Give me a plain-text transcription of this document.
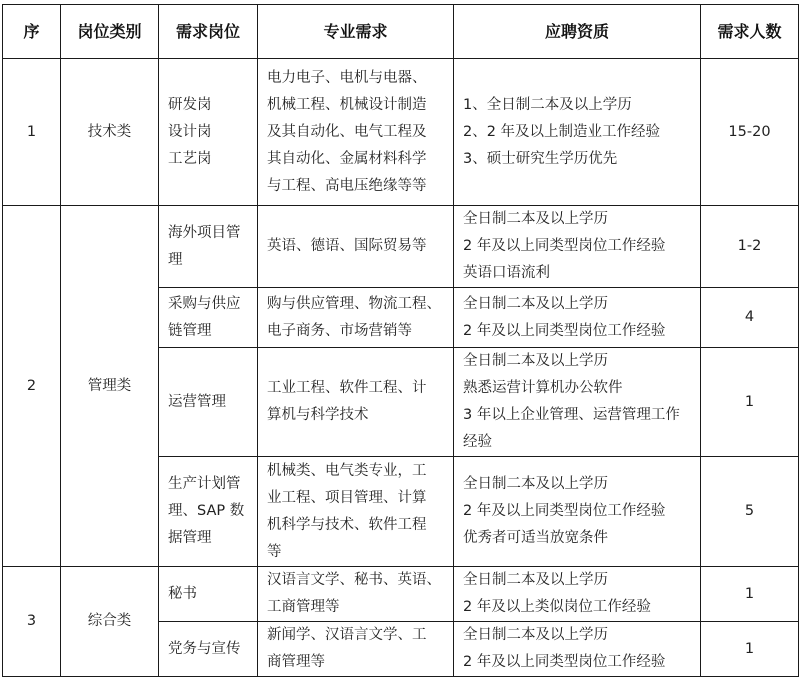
序	岗位类别	需求岗位	专业需求	应聘资质	需求人数
1	技术类	研发岗
设计岗
工艺岗	电力电子、电机与电器、
机械工程、机械设计制造
及其自动化、电气工程及
其自动化、金属材料科学
与工程、高电压绝缘等等	1、全日制二本及以上学历
2、2 年及以上制造业工作经验
3、硕士研究生学历优先	15-20
2	管理类	海外项目管
理	英语、德语、国际贸易等	全日制二本及以上学历
2 年及以上同类型岗位工作经验
英语口语流利	1-2

		采购与供应
链管理	购与供应管理、物流工程、
电子商务、市场营销等	全日制二本及以上学历
2 年及以上同类型岗位工作经验	4

		运营管理	工业工程、软件工程、计
算机与科学技术	全日制二本及以上学历
熟悉运营计算机办公软件
3 年以上企业管理、运营管理工作
经验	1

		生产计划管
理、SAP 数
据管理	机械类、电气类专业，工
业工程、项目管理、计算
机科学与技术、软件工程
等	全日制二本及以上学历
2 年及以上同类型岗位工作经验
优秀者可适当放宽条件	5
3	综合类	秘书	汉语言文学、秘书、英语、
工商管理等	全日制二本及以上学历
2 年及以上类似岗位工作经验	1

		党务与宣传	新闻学、汉语言文学、工
商管理等	全日制二本及以上学历
2 年及以上同类型岗位工作经验	1
